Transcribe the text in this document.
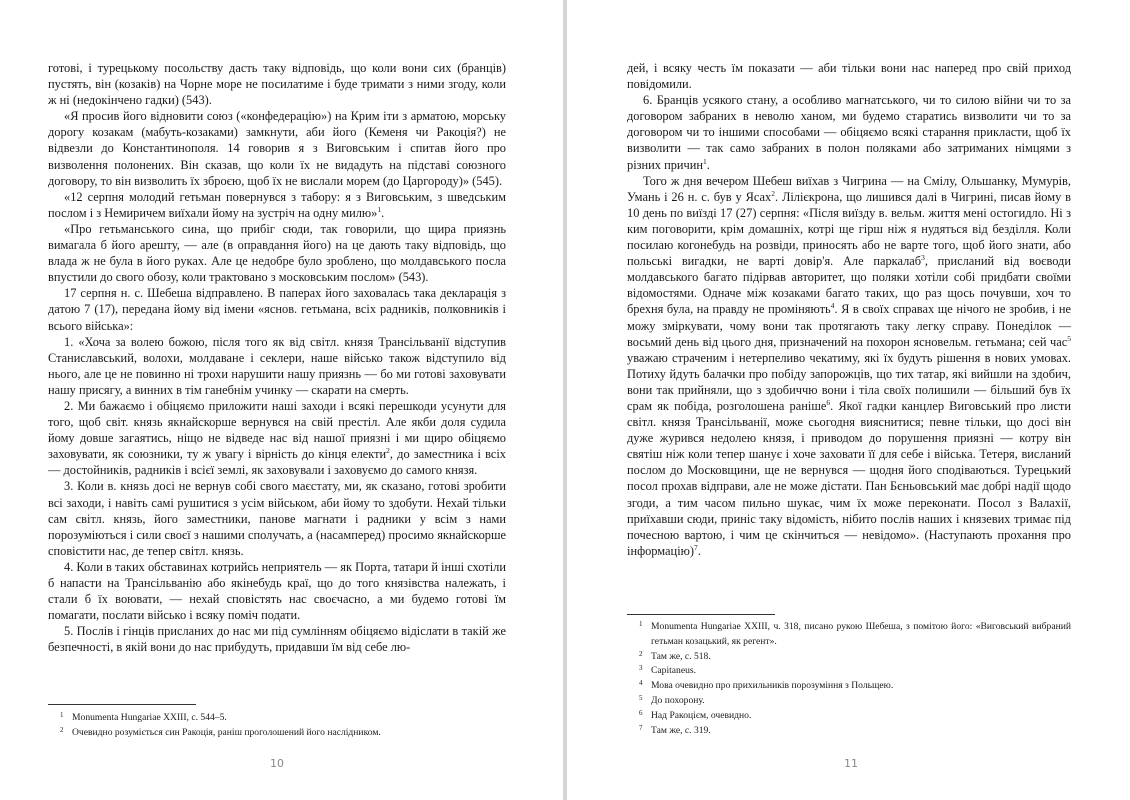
готові, і турецькому посольству дасть таку відповідь, що коли вони сих (бранців) пустять, він (козаків) на Чорне море не посилатиме і буде тримати з ними згоду, коли ж ні (недокінчено гадки) (543).

«Я просив його відновити союз («конфедерацію») на Крим іти з арматою, морську дорогу козакам (мабуть-козаками) замкнути, аби його (Кеменя чи Ракоція?) не відвезли до Константинополя. 14 говорив я з Виговським і спитав його про визволення полонених. Він сказав, що коли їх не видадуть на підставі союзного договору, то він визволить їх зброєю, щоб їх не вислали морем (до Царгороду)» (545).

«12 серпня молодий гетьман повернувся з табору: я з Виговським, з шведським послом і з Немиричем виїхали йому на зустріч на одну милю»$^1$.

«Про гетьманського сина, що прибіг сюди, так говорили, що щира приязнь вимагала б його арешту, — але (в оправдання його) на це дають таку відповідь, що влада ж не була в його руках. Але це недобре було зроблено, що молдавського посла впустили до свого обозу, коли трактовано з московським послом» (543).

17 серпня н. с. Шебеша відправлено. В паперах його заховалась така декларація з датою 7 (17), передана йому від імени «яснов. гетьмана, всіх радників, полковників і всього війська»:

1. «Хоча за волею божою, після того як від світл. князя Трансільванії відступив Станиславський, волохи, молдаване і секлери, наше військо також відступило від нього, але це не повинно ні трохи нарушити нашу приязнь — бо ми готові заховувати нашу присягу, а винних в тім ганебнім учинку — скарати на смерть.

2. Ми бажаємо і обіцяємо приложити наші заходи і всякі перешкоди усунути для того, щоб світ. князь якнайскорше вернувся на свій престіл. Але якби доля судила йому довше загаятись, нiщо не відведе нас від нашої приязні і ми щиро обіцяємо заховувати, як союзники, ту ж увагу і вірність до кінця електи$^2$, до заместника і всіх — достойників, радників і всієї землі, як заховували і заховуємо до самого князя.

3. Коли в. князь досі не вернув собі свого маєстату, ми, як сказано, готові зробити всі заходи, і навіть самі рушитися з усім військом, аби йому то здобути. Нехай тільки сам світл. князь, його заместники, панове магнати і радники у всім з нами порозуміються і сили своєї з нашими сполучать, а (насамперед) просимо якнайскорше сповістити нас, де тепер світл. князь.

4. Коли в таких обставинах котрийсь неприятель — як Порта, татари й інші схотіли б напасти на Трансільванію або якінебудь краї, що до того князівства належать, і стали б їх воювати, — нехай сповістять нас своєчасно, а ми будемо готові їм помагати, послати військо і всяку поміч подати.

5. Послів і гінців присланих до нас ми під сумлінням обіцяємо відіслати в такій же безпечності, в якій вони до нас прибудуть, придавши їм від себе лю-

1 Monumenta Hungariae XXIII, с. 544–5.
2 Очевидно розуміється син Ракоція, раніш проголошений його наслідником.
10

дей, і всяку честь їм показати — аби тільки вони нас наперед про свій приход повідомили.

6. Бранців усякого стану, а особливо магнатського, чи то силою війни чи то за договором забраних в неволю ханом, ми будемо старатись визволити чи то за договором чи то іншими способами — обіцяємо всякі старання прикласти, щоб їх визволити — так само забраних в полон поляками або затриманих німцями з різних причин$^1$.

Того ж дня вечером Шебеш виїхав з Чигрина — на Смілу, Ольшанку, Мумурів, Умань і 26 н. с. був у Ясах$^2$. Лілієкрона, що лишився далі в Чигрині, писав йому в 10 день по виїзді 17 (27) серпня: «Після виїзду в. вельм. життя мені остогидло. Ні з ким поговорити, крім домашніх, котрі ще гірш ніж я нудяться від безділля. Коли посилаю когонебудь на розвіди, приносять або не варте того, щоб його знати, або польські вигадки, не варті довір'я. Але паркалаб$^3$, присланий від воєводи молдавського багато підірвав авторитет, що поляки хотіли собі придбати своїми відомостями. Одначе між козаками багато таких, що раз щось почувши, хоч то брехня була, на правду не проміняють$^4$. Я в своїх справах ще нічого не зробив, і не можу змiркувати, чому вони так протягають таку легку справу. Понеділок — восьмий день від цього дня, призначений на похорон ясновельм. гетьмана; сей час$^5$ уважаю страченим і нетерпеливо чекатиму, які їх будуть рішення в нових умовах. Потиху йдуть балачки про побіду запорожців, що тих татар, які вийшли на здобич, вони так прийняли, що з здобиччю вони і тіла своїх полишили — більший був їх срам як побіда, розголошена раніше$^6$. Якої гадки канцлер Виговський про листи світл. князя Трансільванії, може сьогодня вияснитися; певне тільки, що досі він дуже журився недолею князя, і приводом до порушення приязні — котру він святіш ніж коли тепер шанує і хоче заховати її для себе і війська. Тетеря, висланий послом до Московщини, ще не вернувся — щодня його сподіваються. Турецький посол прохав відправи, але не може дістати. Пан Бєньовський має добрі надії щодо згоди, а тим часом пильно шукає, чим їх може переконати. Посол з Валахії, приїхавши сюди, приніс таку відомість, нібито послів наших і князевих тримає під почесною вартою, і чим це скінчиться — невідомо». (Наступають прохання про інформацію)$^7$.

1 Monumenta Hungariae XXIII, ч. 318, писано рукою Шебеша, з помітою його: «Виговський вибраний гетьман козацький, як регент».
2 Там же, с. 518.
3 Capitaneus.
4 Мова очевидно про прихильників порозуміння з Польщею.
5 До похорону.
6 Над Ракоцієм, очевидно.
7 Там же, с. 319.
11
